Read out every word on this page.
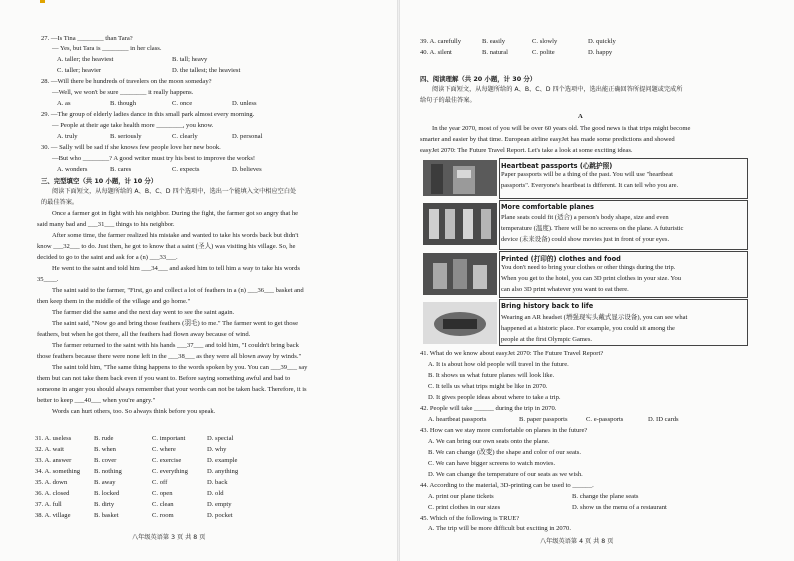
27. —Is Tina ________ than Tara?
— Yes, but Tara is ________ in her class.
A. taller; the heaviest	B. tall; heavy
C. taller; heavier	D. the tallest; the heaviest
28. —Will there be hundreds of travelers on the moon someday?
—Well, we won't be sure ________ it really happens.
A. as	B. though	C. once	D. unless
29. —The group of elderly ladies dance in this small park almost every morning.
— People at their age take health more ________, you know.
A. truly	B. seriously	C. clearly	D. personal
30. — Sally will be sad if she knows few people love her new book.
—But who ________? A good writer must try his best to improve the works!
A. wonders	B. cares	C. expects	D. believes
三、完型填空（共 10 小题，计 10 分）
阅读下面短文，从每题所给的 A、B、C、D 四个选项中，选出一个能填入文中相应空白处
的最佳答案。
Once a farmer got in fight with his neighbor. During the fight, the farmer got so angry that he
said many bad and ___31___ things to his neighbor.
After some time, the farmer realized his mistake and wanted to take his words back but didn't
know ___32___ to do. Just then, he got to know that a saint (圣人) was visiting his village. So, he
decided to go to the saint and ask for a (n) ___33___.
He went to the saint and told him ___34___ and asked him to tell him a way to take his words
35____.
The saint said to the farmer, "First, go and collect a lot of feathers in a (n) ___36___ basket and
then keep them in the middle of the village and go home."
The farmer did the same and the next day went to see the saint again.
The saint said, "Now go and bring those feathers (羽毛) to me." The farmer went to get those
feathers, but when he got there, all the feathers had flown away because of wind.
The farmer returned to the saint with his hands ___37___ and told him, "I couldn't bring back
those feathers because there were none left in the ___38___ as they were all blown away by winds."
The saint told him, "The same thing happens to the words spoken by you. You can ___39___ say
them but can not take them back even if you want to. Before saying something awful and bad to
someone in anger you should always remember that your words can not be taken back. Therefore, it is
better to keep ___40___ when you're angry."
Words can hurt others, too. So always think before you speak.
31. A. useless	B. rude	C. important	D. special
32. A. wait	B. when	C. where	D. why
33. A. answer	B. cover	C. exercise	D. example
34. A. something B. nothing	C. everything	D. anything
35. A. down	B. away	C. off	D. back
36. A. closed	B. locked	C. open	D. old
37. A. full	B. dirty	C. clean	D. empty
38. A. village	B. basket	C. room	D. pocket
八年级英语第 3 页 共 8 页
39. A. carefully	B. easily	C. slowly	D. quickly
40. A. silent	B. natural	C. polite	D. happy
四、阅读理解（共 20 小题，计 30 分）
阅读下面短文，从每题所给的 A、B、C、D 四个选项中，选出能正确回答所提问题或完成所
给句子的最佳答案。
A
In the year 2070, most of you will be over 60 years old. The good news is that trips might become
smarter and easier by that time. European airline easyJet has made some predictions and showed
easyJet 2070: The Future Travel Report. Let's take a look at some exciting ideas.
Heartbeat passports (心跳护照)
Paper passports will be a thing of the past. You will use "heartbeat
passports". Everyone's heartbeat is different. It can tell who you are.
More comfortable planes
Plane seats could fit (适合) a person's body shape, size and even
temperature (温度). There will be no screens on the plane. A futuristic
device (未来设备) could show movies just in front of your eyes.
Printed (打印的) clothes and food
You don't need to bring your clothes or other things during the trip.
When you get to the hotel, you can 3D print clothes in your size. You
can also 3D print whatever you want to eat there.
Bring history back to life
Wearing an AR headset (增强现实头戴式显示设备), you can see what
happened at a historic place. For example, you could sit among the
people at the first Olympic Games.
41. What do we know about easyJet 2070: The Future Travel Report?
A. It is about how old people will travel in the future.
B. It shows us what future planes will look like.
C. It tells us what trips might be like in 2070.
D. It gives people ideas about where to take a trip.
42. People will take ______ during the trip in 2070.
A. heartbeat passports	B. paper passports	C. e-passports	D. ID cards
43. How can we stay more comfortable on planes in the future?
A. We can bring our own seats onto the plane.
B. We can change (改变) the shape and color of our seats.
C. We can have bigger screens to watch movies.
D. We can change the temperature of our seats as we wish.
44. According to the material, 3D-printing can be used to ______.
A. print our plane tickets	B. change the plane seats
C. print clothes in our sizes	D. show us the menu of a restaurant
45. Which of the following is TRUE?
A. The trip will be more difficult but exciting in 2070.
八年级英语第 4 页 共 8 页
